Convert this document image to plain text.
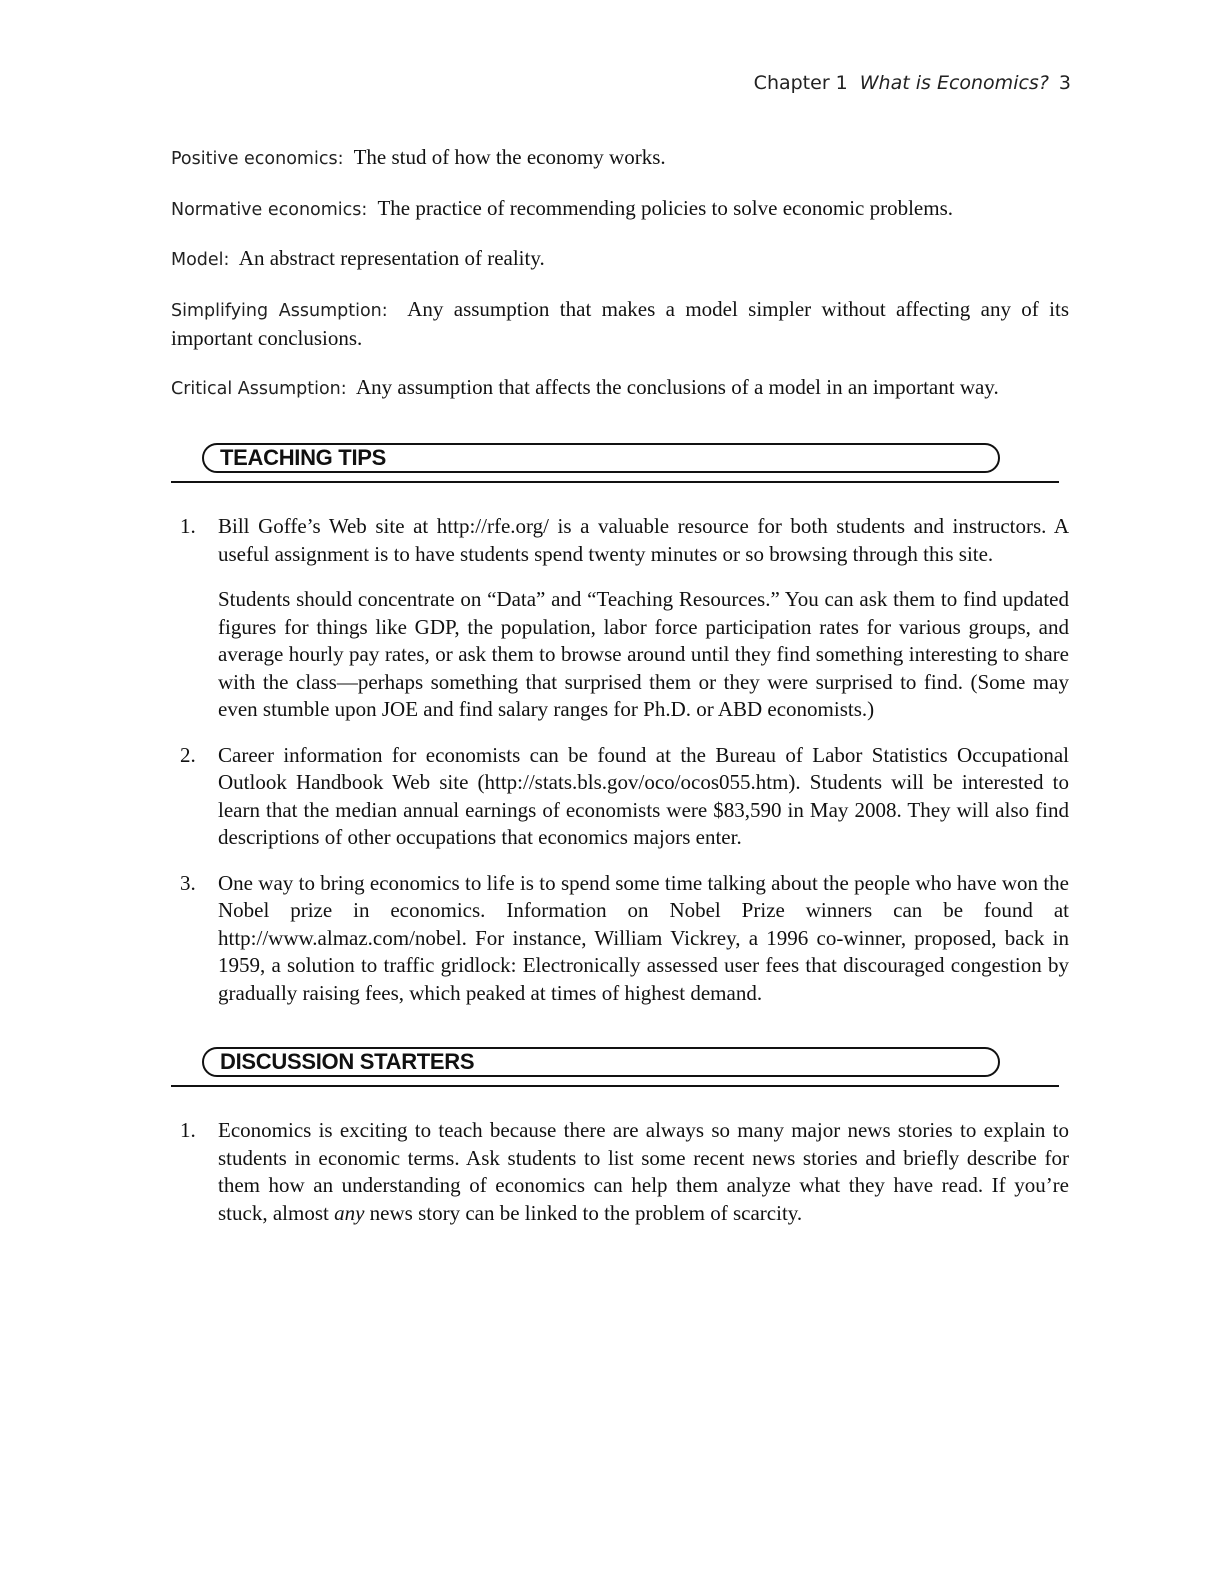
Chapter 1 What is Economics? 3

Positive economics: The stud of how the economy works.

Normative economics: The practice of recommending policies to solve economic problems.

Model: An abstract representation of reality.

Simplifying Assumption: Any assumption that makes a model simpler without affecting any of its important conclusions.

Critical Assumption: Any assumption that affects the conclusions of a model in an important way.

TEACHING TIPS
1. Bill Goffe’s Web site at http://rfe.org/ is a valuable resource for both students and instructors. A useful assignment is to have students spend twenty minutes or so browsing through this site.

Students should concentrate on “Data” and “Teaching Resources.” You can ask them to find updated figures for things like GDP, the population, labor force participation rates for various groups, and average hourly pay rates, or ask them to browse around until they find something interesting to share with the class—perhaps something that surprised them or they were surprised to find. (Some may even stumble upon JOE and find salary ranges for Ph.D. or ABD economists.)

2. Career information for economists can be found at the Bureau of Labor Statistics Occupational Outlook Handbook Web site (http://stats.bls.gov/oco/ocos055.htm). Students will be interested to learn that the median annual earnings of economists were $83,590 in May 2008. They will also find descriptions of other occupations that economics majors enter.

3. One way to bring economics to life is to spend some time talking about the people who have won the Nobel prize in economics. Information on Nobel Prize winners can be found at http://www.almaz.com/nobel. For instance, William Vickrey, a 1996 co-winner, proposed, back in 1959, a solution to traffic gridlock: Electronically assessed user fees that discouraged congestion by gradually raising fees, which peaked at times of highest demand.

DISCUSSION STARTERS
1. Economics is exciting to teach because there are always so many major news stories to explain to students in economic terms. Ask students to list some recent news stories and briefly describe for them how an understanding of economics can help them analyze what they have read. If you’re stuck, almost any news story can be linked to the problem of scarcity.
